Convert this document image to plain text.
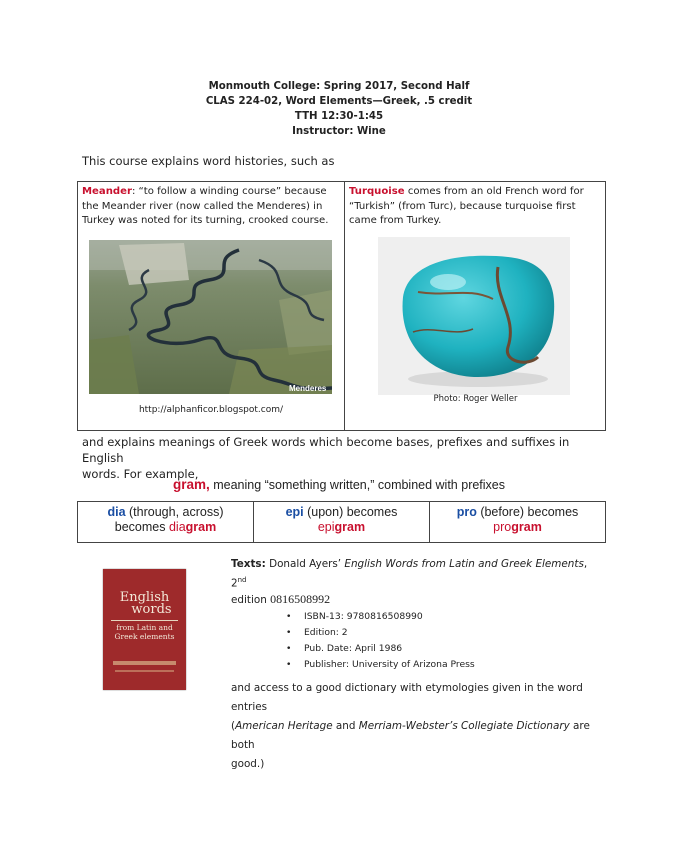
Monmouth College: Spring 2017, Second Half
CLAS 224-02, Word Elements—Greek, .5 credit
TTH 12:30-1:45
Instructor: Wine
This course explains word histories, such as
Meander: “to follow a winding course” because
the Meander river (now called the Menderes) in
Turkey was noted for its turning, crooked course.
Menderes
http://alphanficor.blogspot.com/
Turquoise comes from an old French word for
“Turkish” (from Turc), because turquoise first
came from Turkey.
Photo: Roger Weller
and explains meanings of Greek words which become bases, prefixes and suffixes in English
words. For example,
gram, meaning “something written,” combined with prefixes
dia (through, across)
becomes diagram
epi (upon) becomes
epigram
pro (before) becomes
program
English
words
from Latin and
Greek elements
Texts: Donald Ayers’ English Words from Latin and Greek Elements, 2nd
edition 0816508992
• ISBN-13: 9780816508990
• Edition: 2
• Pub. Date: April 1986
• Publisher: University of Arizona Press
and access to a good dictionary with etymologies given in the word entries
(American Heritage and Merriam-Webster’s Collegiate Dictionary are both
good.)
